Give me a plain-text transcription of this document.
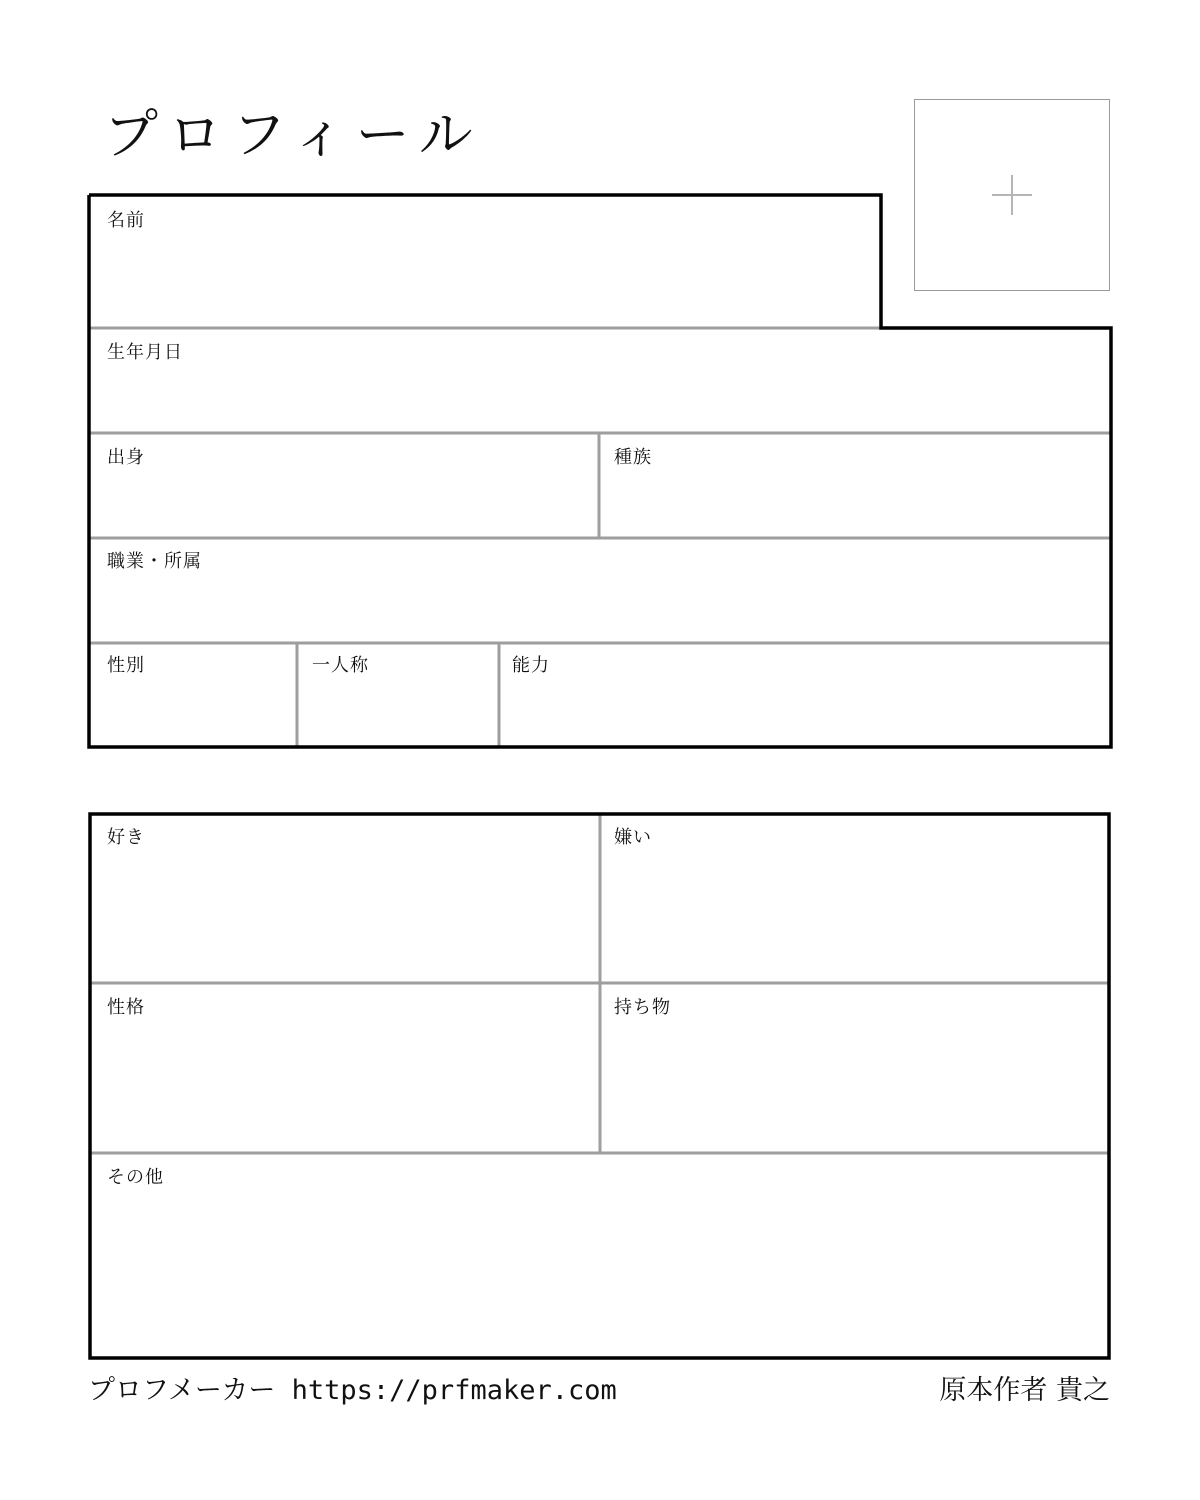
プロフィール
名前
生年月日
出身	種族
職業・所属
性別	一人称	能力
好き	嫌い
性格	持ち物
その他
プロフメーカー https://prfmaker.com	原本作者 貴之
